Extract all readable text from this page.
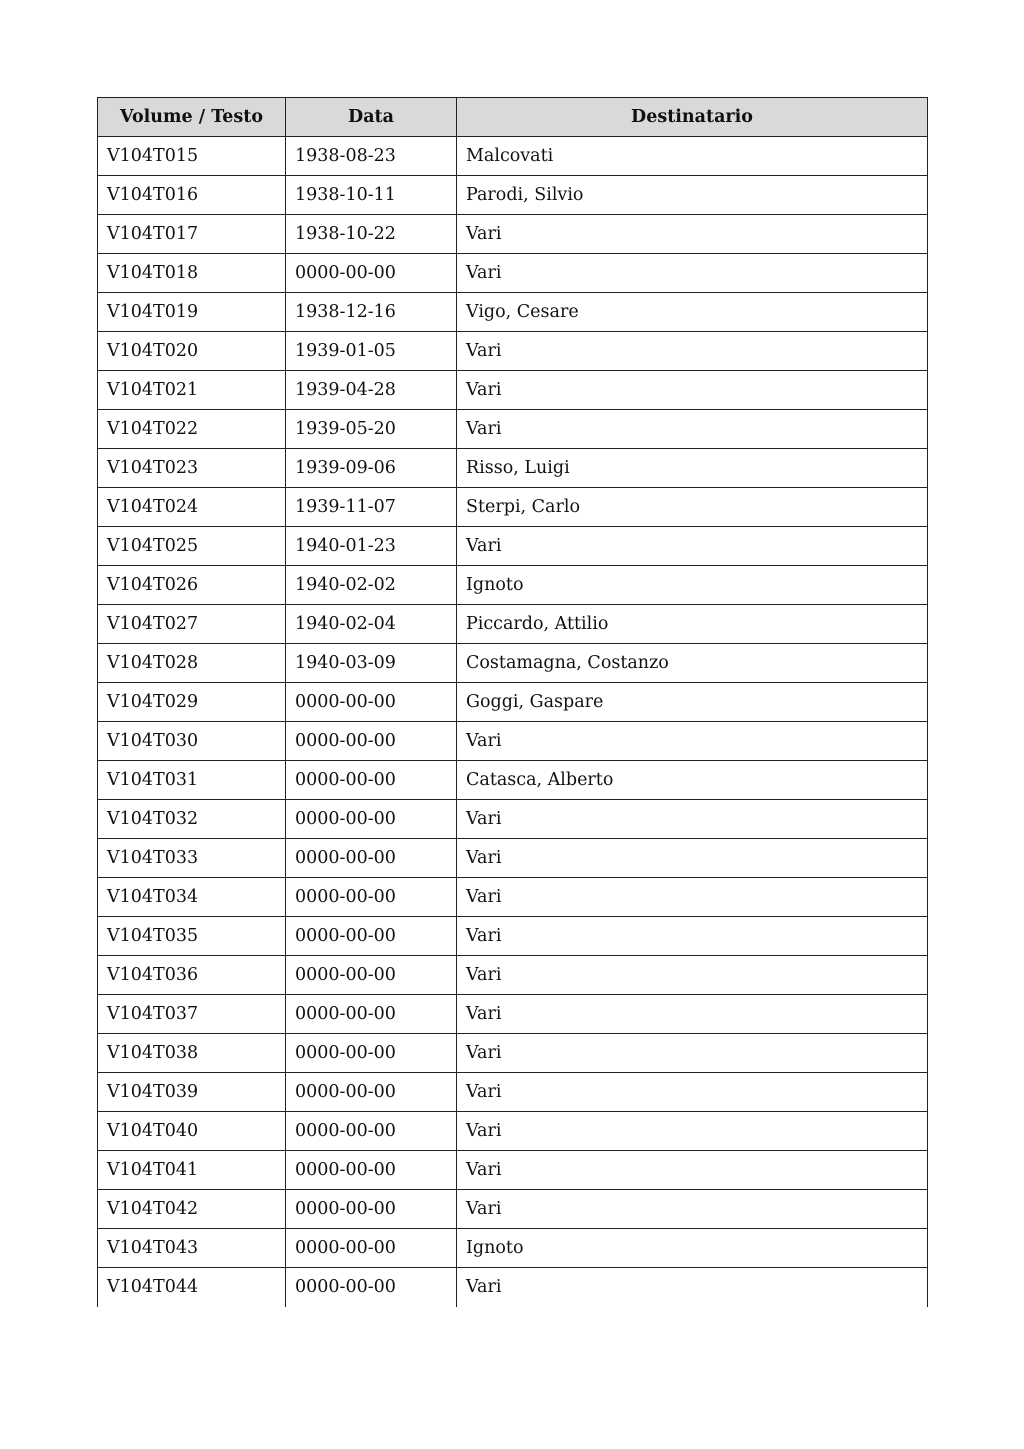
Volume / Testo	Data	Destinatario
V104T015	1938-08-23	Malcovati
V104T016	1938-10-11	Parodi, Silvio
V104T017	1938-10-22	Vari
V104T018	0000-00-00	Vari
V104T019	1938-12-16	Vigo, Cesare
V104T020	1939-01-05	Vari
V104T021	1939-04-28	Vari
V104T022	1939-05-20	Vari
V104T023	1939-09-06	Risso, Luigi
V104T024	1939-11-07	Sterpi, Carlo
V104T025	1940-01-23	Vari
V104T026	1940-02-02	Ignoto
V104T027	1940-02-04	Piccardo, Attilio
V104T028	1940-03-09	Costamagna, Costanzo
V104T029	0000-00-00	Goggi, Gaspare
V104T030	0000-00-00	Vari
V104T031	0000-00-00	Catasca, Alberto
V104T032	0000-00-00	Vari
V104T033	0000-00-00	Vari
V104T034	0000-00-00	Vari
V104T035	0000-00-00	Vari
V104T036	0000-00-00	Vari
V104T037	0000-00-00	Vari
V104T038	0000-00-00	Vari
V104T039	0000-00-00	Vari
V104T040	0000-00-00	Vari
V104T041	0000-00-00	Vari
V104T042	0000-00-00	Vari
V104T043	0000-00-00	Ignoto
V104T044	0000-00-00	Vari
